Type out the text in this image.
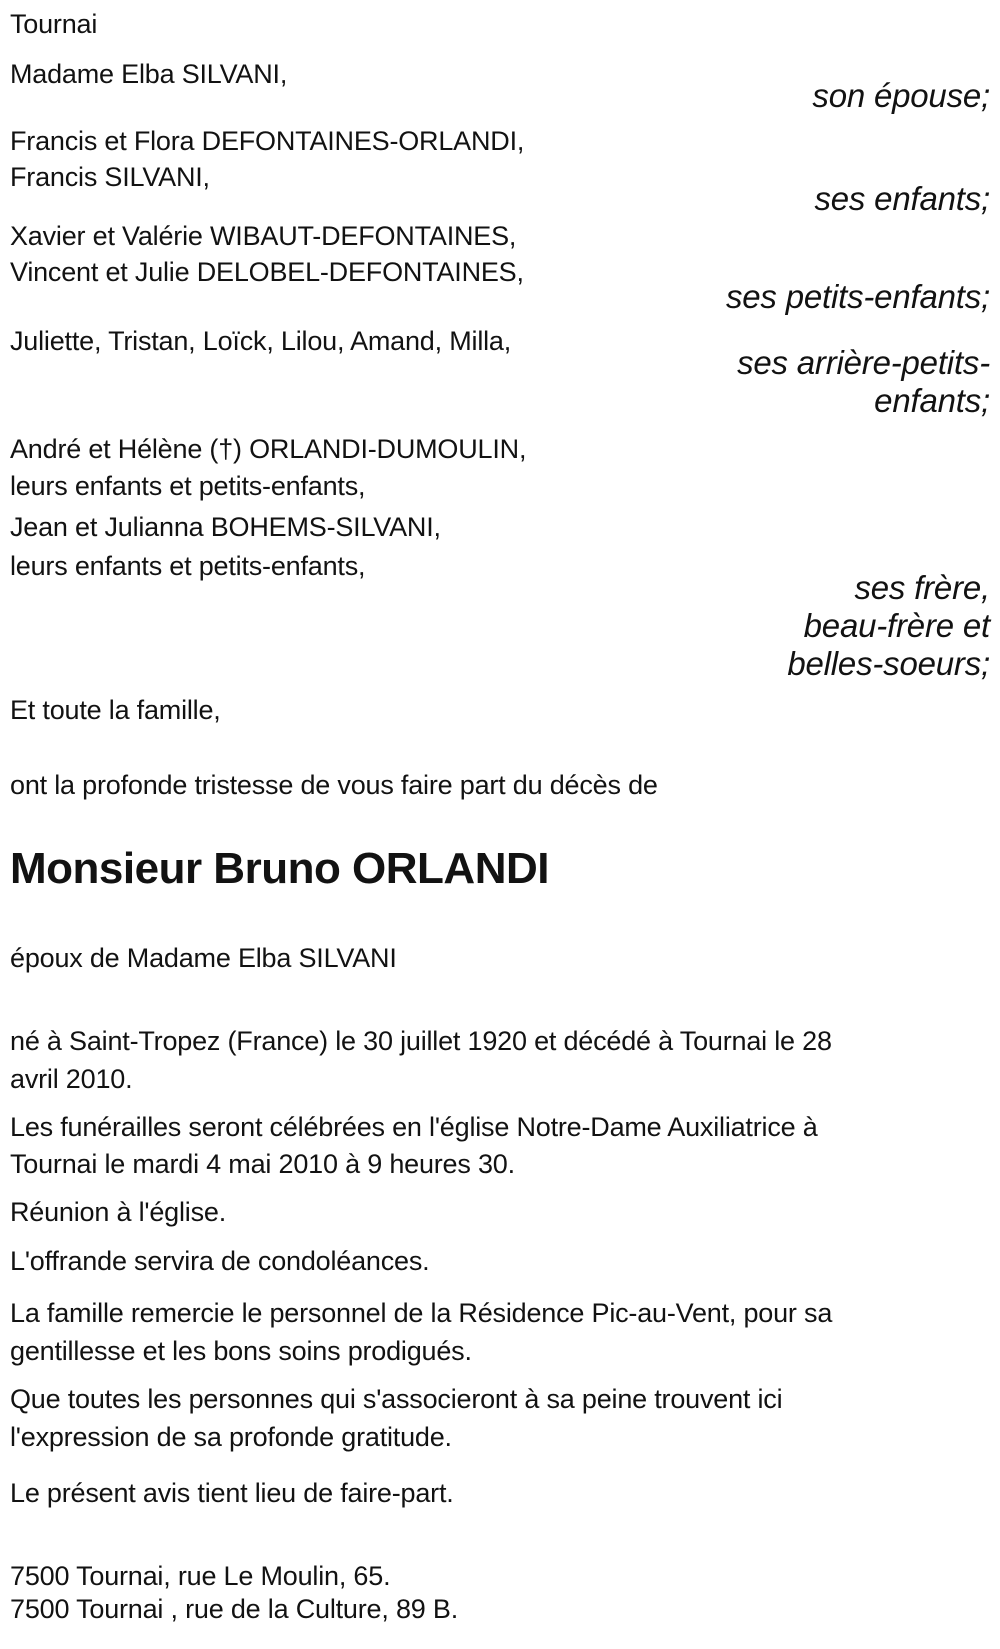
Tournai
Madame Elba SILVANI,
son épouse;
Francis et Flora DEFONTAINES-ORLANDI,
Francis SILVANI,
ses enfants;
Xavier et Valérie WIBAUT-DEFONTAINES,
Vincent et Julie DELOBEL-DEFONTAINES,
ses petits-enfants;
Juliette, Tristan, Loïck, Lilou, Amand, Milla,
ses arrière-petits-
enfants;
André et Hélène (†) ORLANDI-DUMOULIN,
leurs enfants et petits-enfants,
Jean et Julianna BOHEMS-SILVANI,
leurs enfants et petits-enfants,
ses frère,
beau-frère et
belles-soeurs;
Et toute la famille,
ont la profonde tristesse de vous faire part du décès de
Monsieur Bruno ORLANDI
époux de Madame Elba SILVANI
né à Saint-Tropez (France) le 30 juillet 1920 et décédé à Tournai le 28
avril 2010.
Les funérailles seront célébrées en l'église Notre-Dame Auxiliatrice à
Tournai le mardi 4 mai 2010 à 9 heures 30.
Réunion à l'église.
L'offrande servira de condoléances.
La famille remercie le personnel de la Résidence Pic-au-Vent, pour sa
gentillesse et les bons soins prodigués.
Que toutes les personnes qui s'associeront à sa peine trouvent ici
l'expression de sa profonde gratitude.
Le présent avis tient lieu de faire-part.
7500 Tournai, rue Le Moulin, 65.
7500 Tournai , rue de la Culture, 89 B.
